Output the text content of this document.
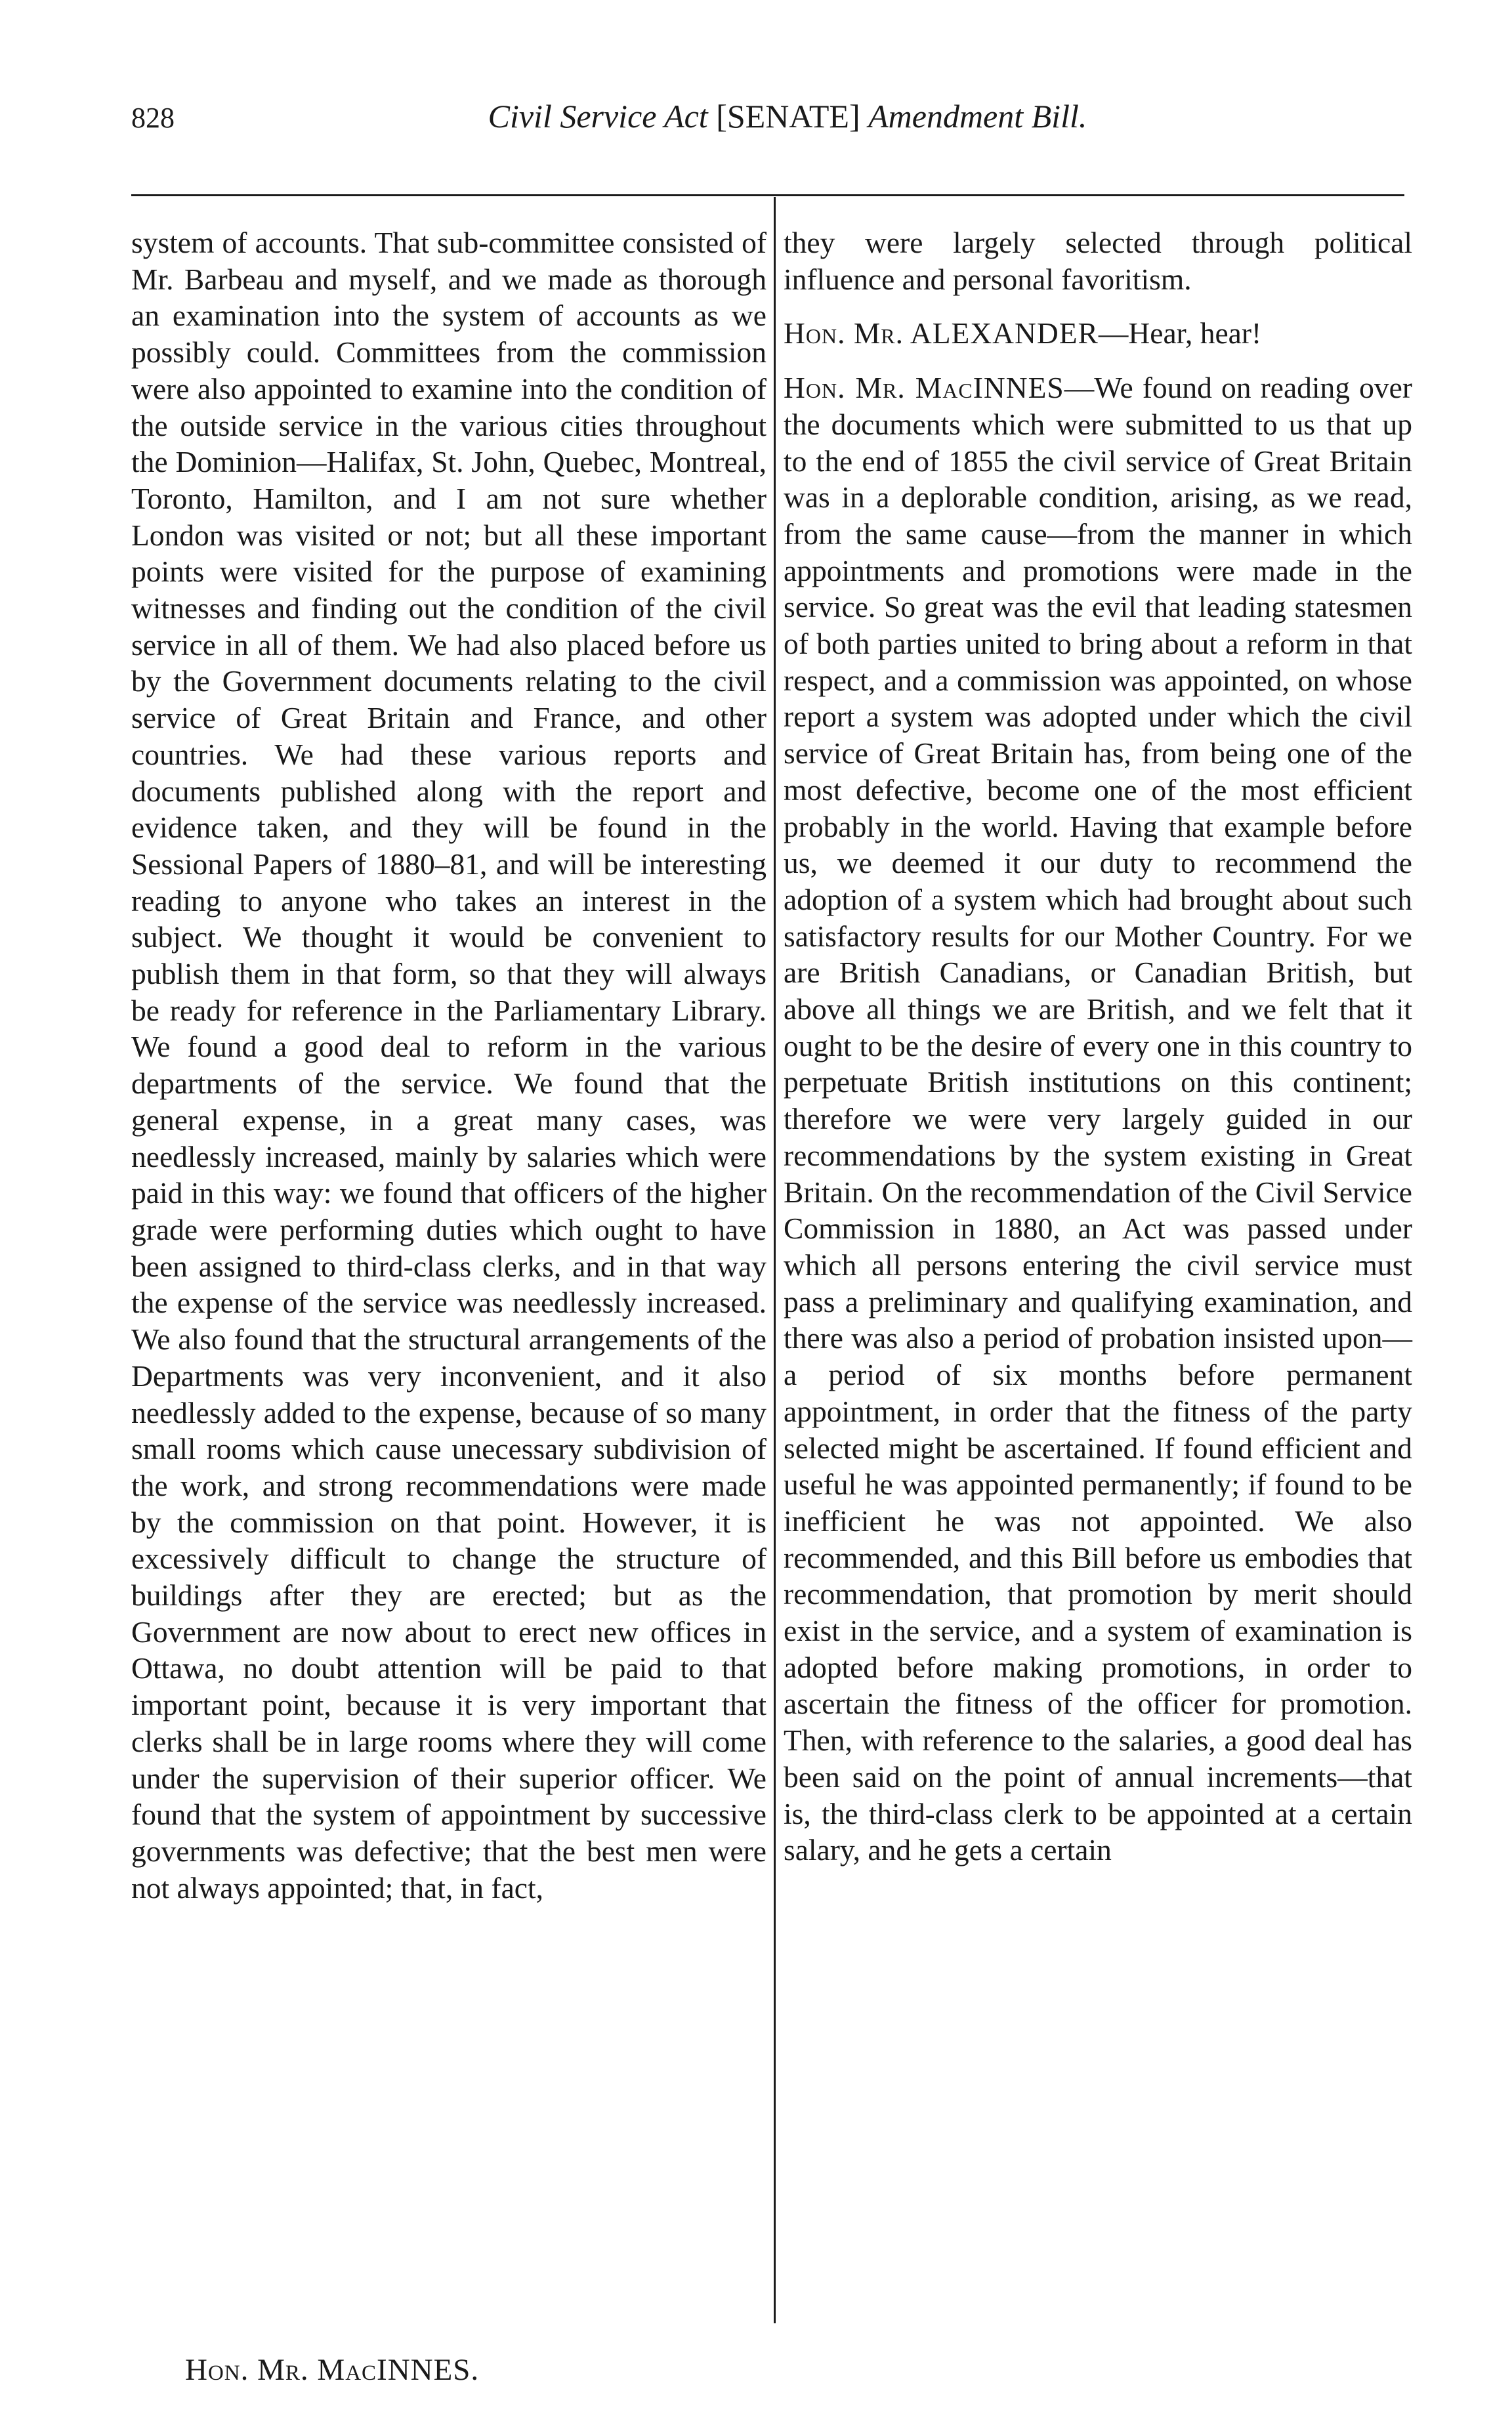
828	Civil Service Act [SENATE] Amendment Bill.

system of accounts. That sub-committee consisted of Mr. Barbeau and myself, and we made as thorough an examination into the system of accounts as we possibly could. Committees from the commission were also appointed to examine into the condition of the outside service in the various cities throughout the Dominion—Halifax, St. John, Quebec, Montreal, Toronto, Hamilton, and I am not sure whether London was visited or not; but all these important points were visited for the purpose of examining witnesses and finding out the condition of the civil service in all of them. We had also placed before us by the Government documents relating to the civil service of Great Britain and France, and other countries. We had these various reports and documents published along with the report and evidence taken, and they will be found in the Sessional Papers of 1880–81, and will be interesting reading to anyone who takes an interest in the subject. We thought it would be convenient to publish them in that form, so that they will always be ready for reference in the Parliamentary Library. We found a good deal to reform in the various departments of the service. We found that the general expense, in a great many cases, was needlessly increased, mainly by salaries which were paid in this way: we found that officers of the higher grade were performing duties which ought to have been assigned to third-class clerks, and in that way the expense of the service was needlessly increased. We also found that the structural arrangements of the Departments was very inconvenient, and it also needlessly added to the expense, because of so many small rooms which cause unecessary subdivision of the work, and strong recommendations were made by the commission on that point. However, it is excessively difficult to change the structure of buildings after they are erected; but as the Government are now about to erect new offices in Ottawa, no doubt attention will be paid to that important point, because it is very important that clerks shall be in large rooms where they will come under the supervision of their superior officer. We found that the system of appointment by successive governments was defective; that the best men were not always appointed; that, in fact,

they were largely selected through political influence and personal favoritism.

Hon. Mr. ALEXANDER—Hear, hear!

Hon. Mr. MacINNES—We found on reading over the documents which were submitted to us that up to the end of 1855 the civil service of Great Britain was in a deplorable condition, arising, as we read, from the same cause—from the manner in which appointments and promotions were made in the service. So great was the evil that leading statesmen of both parties united to bring about a reform in that respect, and a commission was appointed, on whose report a system was adopted under which the civil service of Great Britain has, from being one of the most defective, become one of the most efficient probably in the world. Having that example before us, we deemed it our duty to recommend the adoption of a system which had brought about such satisfactory results for our Mother Country. For we are British Canadians, or Canadian British, but above all things we are British, and we felt that it ought to be the desire of every one in this country to perpetuate British institutions on this continent; therefore we were very largely guided in our recommendations by the system existing in Great Britain. On the recommendation of the Civil Service Commission in 1880, an Act was passed under which all persons entering the civil service must pass a preliminary and qualifying examination, and there was also a period of probation insisted upon—a period of six months before permanent appointment, in order that the fitness of the party selected might be ascertained. If found efficient and useful he was appointed permanently; if found to be inefficient he was not appointed. We also recommended, and this Bill before us embodies that recommendation, that promotion by merit should exist in the service, and a system of examination is adopted before making promotions, in order to ascertain the fitness of the officer for promotion. Then, with reference to the salaries, a good deal has been said on the point of annual increments—that is, the third-class clerk to be appointed at a certain salary, and he gets a certain

Hon. Mr. MacINNES.
